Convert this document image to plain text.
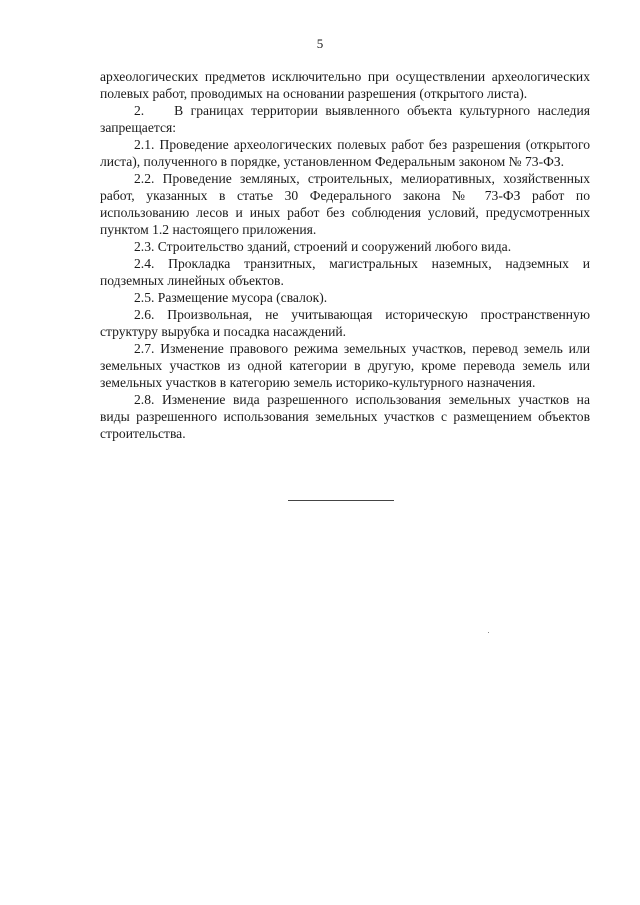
5

археологических предметов исключительно при осуществлении археологических полевых работ, проводимых на основании разрешения (открытого листа).

2.    В границах территории выявленного объекта культурного наследия запрещается:

2.1. Проведение археологических полевых работ без разрешения (открытого листа), полученного в порядке, установленном Федеральным законом № 73-ФЗ.

2.2. Проведение земляных, строительных, мелиоративных, хозяйственных работ, указанных в статье 30 Федерального закона № 73-ФЗ работ по использованию лесов и иных работ без соблюдения условий, предусмотренных пунктом 1.2 настоящего приложения.

2.3. Строительство зданий, строений и сооружений любого вида.

2.4. Прокладка транзитных, магистральных наземных, надземных и подземных линейных объектов.

2.5. Размещение мусора (свалок).

2.6. Произвольная, не учитывающая историческую пространственную структуру вырубка и посадка насаждений.

2.7. Изменение правового режима земельных участков, перевод земель или земельных участков из одной категории в другую, кроме перевода земель или земельных участков в категорию земель историко-культурного назначения.

2.8. Изменение вида разрешенного использования земельных участков на виды разрешенного использования земельных участков с размещением объектов строительства.
